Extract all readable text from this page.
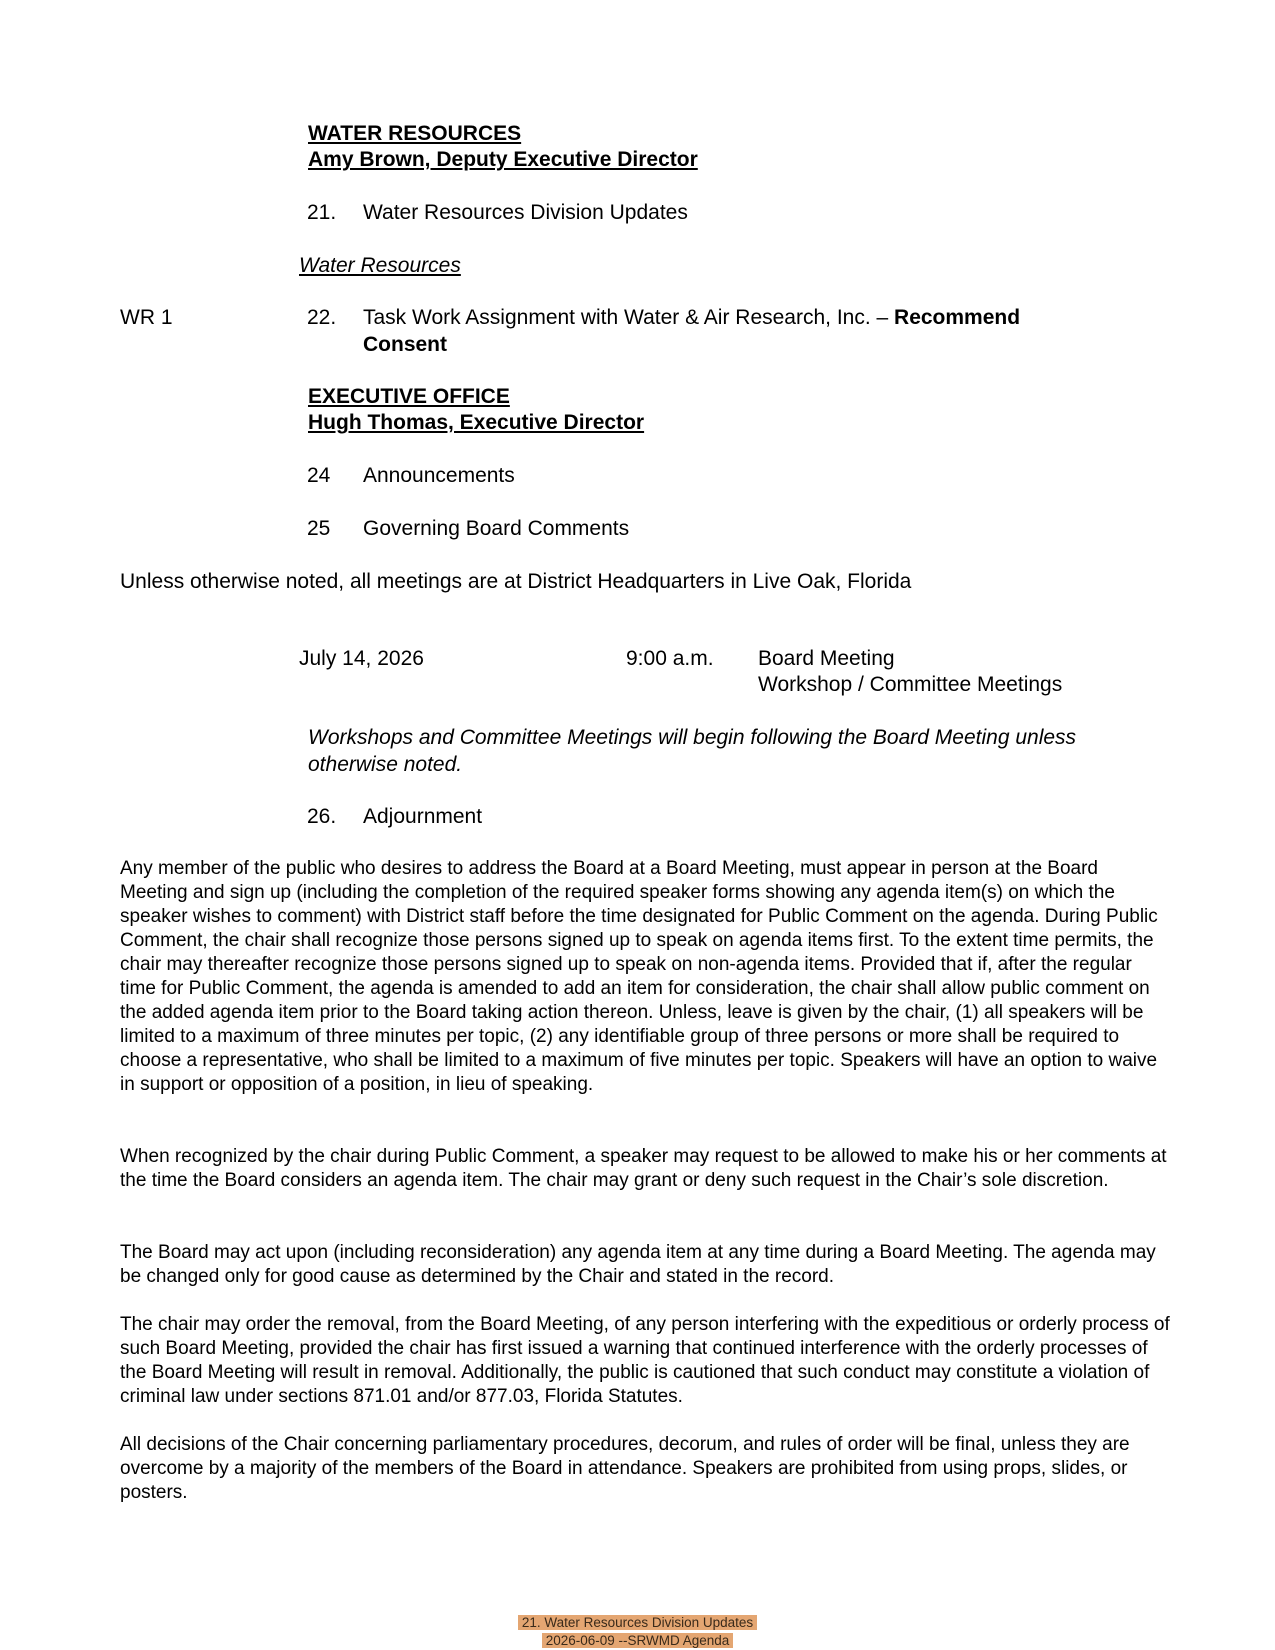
WATER RESOURCES
Amy Brown, Deputy Executive Director
21. Water Resources Division Updates
Water Resources
WR 1	22. Task Work Assignment with Water & Air Research, Inc. – Recommend Consent
EXECUTIVE OFFICE
Hugh Thomas, Executive Director
24 Announcements
25 Governing Board Comments
Unless otherwise noted, all meetings are at District Headquarters in Live Oak, Florida
July 14, 2026	9:00 a.m. Board Meeting
Workshop / Committee Meetings
Workshops and Committee Meetings will begin following the Board Meeting unless otherwise noted.
26. Adjournment

Any member of the public who desires to address the Board at a Board Meeting, must appear in person at the Board Meeting and sign up (including the completion of the required speaker forms showing any agenda item(s) on which the speaker wishes to comment) with District staff before the time designated for Public Comment on the agenda. During Public Comment, the chair shall recognize those persons signed up to speak on agenda items first. To the extent time permits, the chair may thereafter recognize those persons signed up to speak on non-agenda items. Provided that if, after the regular time for Public Comment, the agenda is amended to add an item for consideration, the chair shall allow public comment on the added agenda item prior to the Board taking action thereon. Unless, leave is given by the chair, (1) all speakers will be limited to a maximum of three minutes per topic, (2) any identifiable group of three persons or more shall be required to choose a representative, who shall be limited to a maximum of five minutes per topic. Speakers will have an option to waive in support or opposition of a position, in lieu of speaking.

When recognized by the chair during Public Comment, a speaker may request to be allowed to make his or her comments at the time the Board considers an agenda item. The chair may grant or deny such request in the Chair’s sole discretion.

The Board may act upon (including reconsideration) any agenda item at any time during a Board Meeting. The agenda may be changed only for good cause as determined by the Chair and stated in the record.

The chair may order the removal, from the Board Meeting, of any person interfering with the expeditious or orderly process of such Board Meeting, provided the chair has first issued a warning that continued interference with the orderly processes of the Board Meeting will result in removal. Additionally, the public is cautioned that such conduct may constitute a violation of criminal law under sections 871.01 and/or 877.03, Florida Statutes.

All decisions of the Chair concerning parliamentary procedures, decorum, and rules of order will be final, unless they are overcome by a majority of the members of the Board in attendance. Speakers are prohibited from using props, slides, or posters.

21. Water Resources Division Updates
2026-06-09 --SRWMD Agenda
